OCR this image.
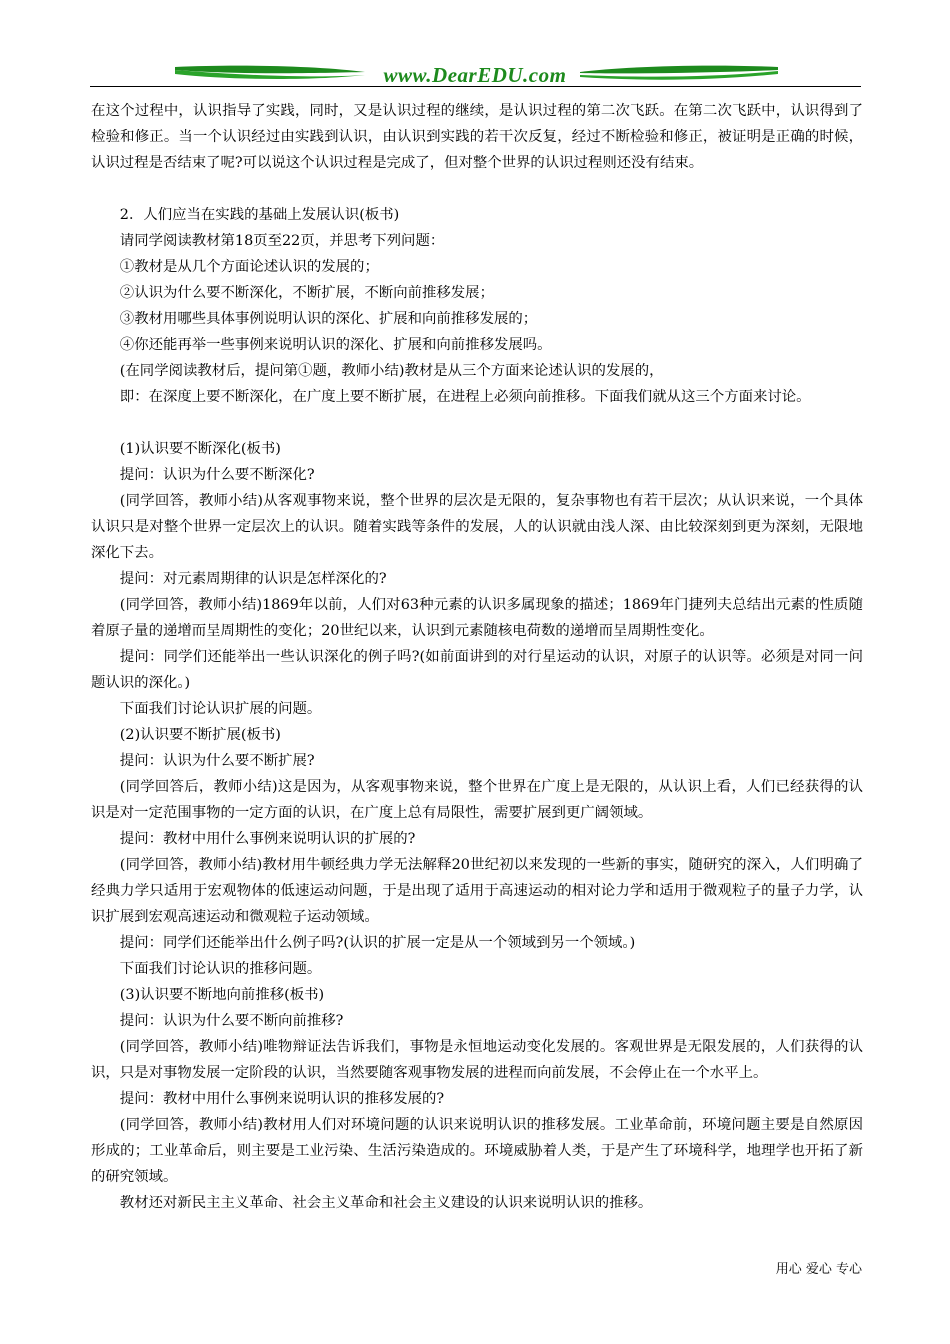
www.DearEDU.com

在这个过程中，认识指导了实践，同时，又是认识过程的继续，是认识过程的第二次飞跃。在第二次飞跃中，认识得到了检验和修正。当一个认识经过由实践到认识，由认识到实践的若干次反复，经过不断检验和修正，被证明是正确的时候，认识过程是否结束了呢?可以说这个认识过程是完成了，但对整个世界的认识过程则还没有结束。

2．人们应当在实践的基础上发展认识(板书)

请同学阅读教材第18页至22页，并思考下列问题：

①教材是从几个方面论述认识的发展的；

②认识为什么要不断深化，不断扩展，不断向前推移发展；

③教材用哪些具体事例说明认识的深化、扩展和向前推移发展的；

④你还能再举一些事例来说明认识的深化、扩展和向前推移发展吗。

(在同学阅读教材后，提问第①题，教师小结)教材是从三个方面来论述认识的发展的，

即：在深度上要不断深化，在广度上要不断扩展，在进程上必须向前推移。下面我们就从这三个方面来讨论。

(1)认识要不断深化(板书)

提问：认识为什么要不断深化?

(同学回答，教师小结)从客观事物来说，整个世界的层次是无限的，复杂事物也有若干层次；从认识来说，一个具体认识只是对整个世界一定层次上的认识。随着实践等条件的发展，人的认识就由浅人深、由比较深刻到更为深刻，无限地深化下去。

提问：对元素周期律的认识是怎样深化的?

(同学回答，教师小结)1869年以前，人们对63种元素的认识多属现象的描述；1869年门捷列夫总结出元素的性质随着原子量的递增而呈周期性的变化；20世纪以来，认识到元素随核电荷数的递增而呈周期性变化。

提问：同学们还能举出一些认识深化的例子吗?(如前面讲到的对行星运动的认识，对原子的认识等。必须是对同一问题认识的深化。)

下面我们讨论认识扩展的问题。

(2)认识要不断扩展(板书)

提问：认识为什么要不断扩展?

(同学回答后，教师小结)这是因为，从客观事物来说，整个世界在广度上是无限的，从认识上看，人们已经获得的认识是对一定范围事物的一定方面的认识，在广度上总有局限性，需要扩展到更广阔领域。

提问：教材中用什么事例来说明认识的扩展的?

(同学回答，教师小结)教材用牛顿经典力学无法解释20世纪初以来发现的一些新的事实，随研究的深入，人们明确了经典力学只适用于宏观物体的低速运动问题，于是出现了适用于高速运动的相对论力学和适用于微观粒子的量子力学，认识扩展到宏观高速运动和微观粒子运动领域。

提问：同学们还能举出什么例子吗?(认识的扩展一定是从一个领域到另一个领域。)

下面我们讨论认识的推移问题。

(3)认识要不断地向前推移(板书)

提问：认识为什么要不断向前推移?

(同学回答，教师小结)唯物辩证法告诉我们，事物是永恒地运动变化发展的。客观世界是无限发展的，人们获得的认识，只是对事物发展一定阶段的认识，当然要随客观事物发展的进程而向前发展，不会停止在一个水平上。

提问：教材中用什么事例来说明认识的推移发展的?

(同学回答，教师小结)教材用人们对环境问题的认识来说明认识的推移发展。工业革命前，环境问题主要是自然原因形成的；工业革命后，则主要是工业污染、生活污染造成的。环境威胁着人类，于是产生了环境科学，地理学也开拓了新的研究领域。

教材还对新民主主义革命、社会主义革命和社会主义建设的认识来说明认识的推移。

用心 爱心 专心
